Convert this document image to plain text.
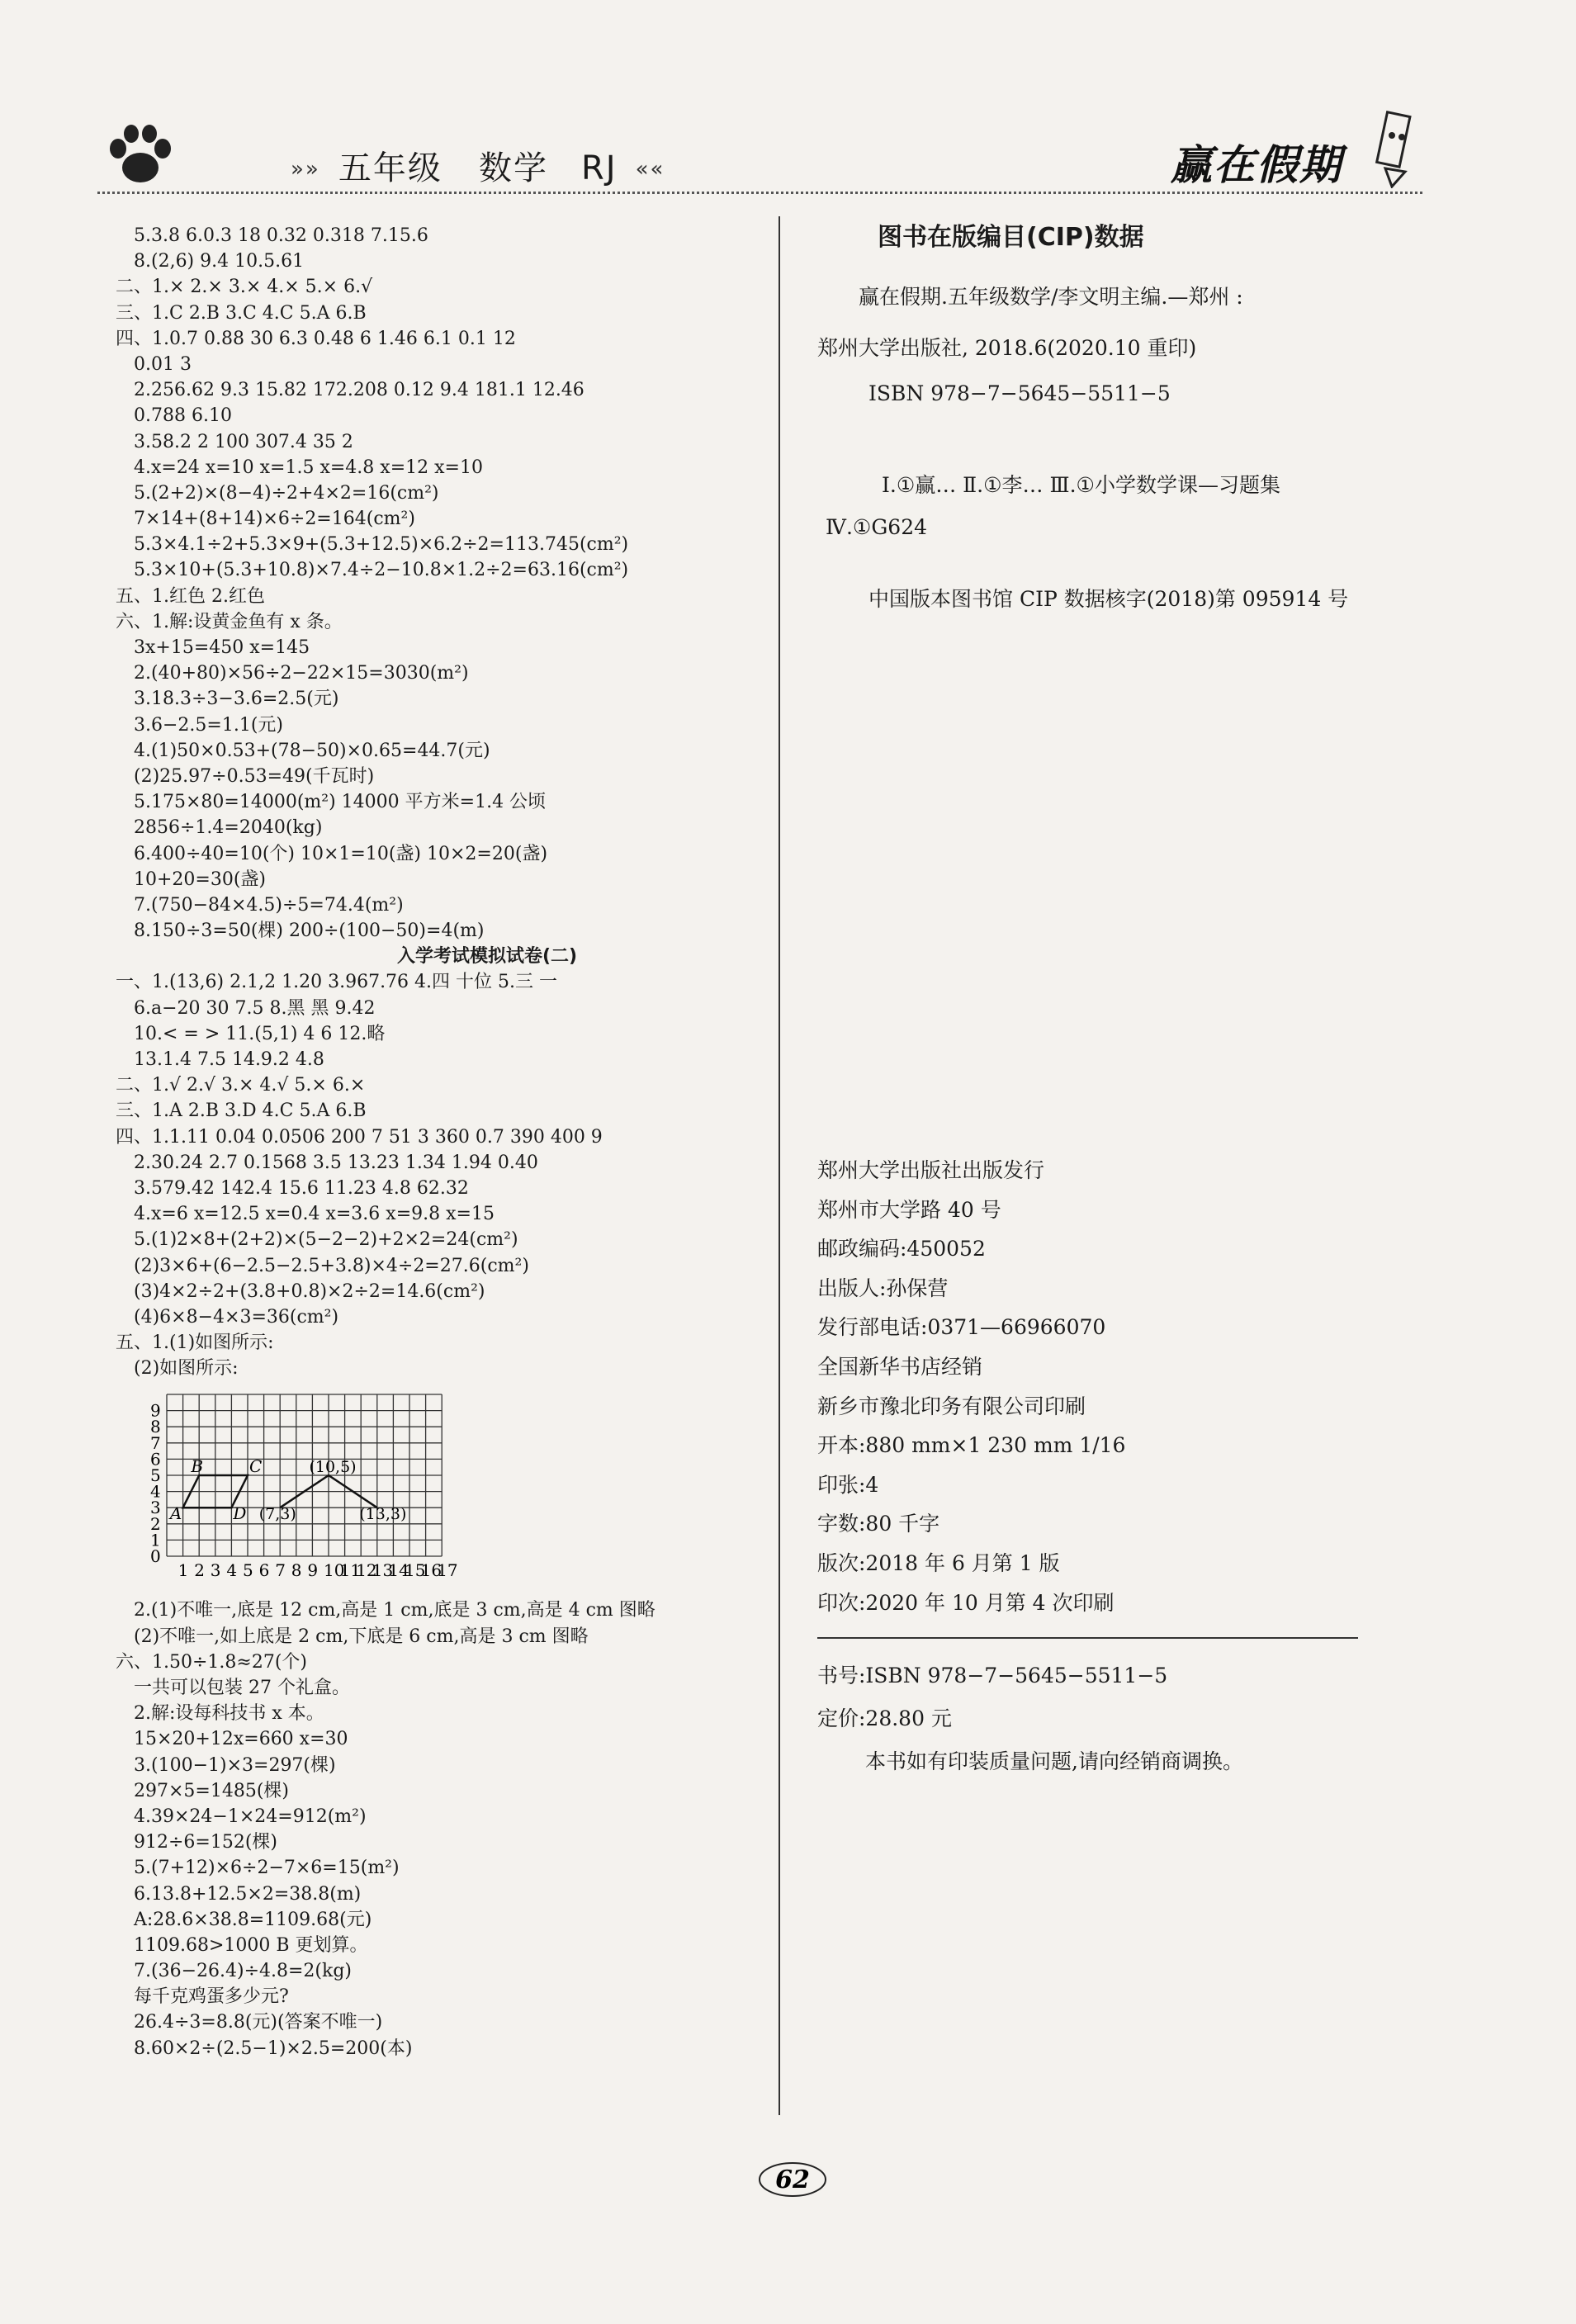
»» 五年级 数学 RJ ««	赢在假期
5.3.8 6.0.3 18 0.32 0.318 7.15.6
8.(2,6) 9.4 10.5.61
二、1.× 2.× 3.× 4.× 5.× 6.√
三、1.C 2.B 3.C 4.C 5.A 6.B
四、1.0.7 0.88 30 6.3 0.48 6 1.46 6.1 0.1 12
0.01 3
2.256.62 9.3 15.82 172.208 0.12 9.4 181.1 12.46
0.788 6.10
3.58.2 2 100 307.4 35 2
4.x=24 x=10 x=1.5 x=4.8 x=12 x=10
5.(2+2)×(8−4)÷2+4×2=16(cm²)
7×14+(8+14)×6÷2=164(cm²)
5.3×4.1÷2+5.3×9+(5.3+12.5)×6.2÷2=113.745(cm²)
5.3×10+(5.3+10.8)×7.4÷2−10.8×1.2÷2=63.16(cm²)
五、1.红色 2.红色
六、1.解:设黄金鱼有 x 条。
3x+15=450 x=145
2.(40+80)×56÷2−22×15=3030(m²)
3.18.3÷3−3.6=2.5(元)
3.6−2.5=1.1(元)
4.(1)50×0.53+(78−50)×0.65=44.7(元)
(2)25.97÷0.53=49(千瓦时)
5.175×80=14000(m²) 14000 平方米=1.4 公顷
2856÷1.4=2040(kg)
6.400÷40=10(个) 10×1=10(盏) 10×2=20(盏)
10+20=30(盏)
7.(750−84×4.5)÷5=74.4(m²)
8.150÷3=50(棵) 200÷(100−50)=4(m)
入学考试模拟试卷(二)
一、1.(13,6) 2.1,2 1.20 3.967.76 4.四 十位 5.三 一
6.a−20 30 7.5 8.黑 黑 9.42
10.< = > 11.(5,1) 4 6 12.略
13.1.4 7.5 14.9.2 4.8
二、1.√ 2.√ 3.× 4.√ 5.× 6.×
三、1.A 2.B 3.D 4.C 5.A 6.B
四、1.1.11 0.04 0.0506 200 7 51 3 360 0.7 390 400 9
2.30.24 2.7 0.1568 3.5 13.23 1.34 1.94 0.40
3.579.42 142.4 15.6 11.23 4.8 62.32
4.x=6 x=12.5 x=0.4 x=3.6 x=9.8 x=15
5.(1)2×8+(2+2)×(5−2−2)+2×2=24(cm²)
(2)3×6+(6−2.5−2.5+3.8)×4÷2=27.6(cm²)
(3)4×2÷2+(3.8+0.8)×2÷2=14.6(cm²)
(4)6×8−4×3=36(cm²)
五、1.(1)如图所示:
(2)如图所示:
9
8
7
6
5
4
3
2
1
0
1 2 3 4 5 6 7 8 9 10
11
12
13
14
15
16
17
A
B	C
D
(10,5)
(7,3)	(13,3)
2.(1)不唯一,底是 12 cm,高是 1 cm,底是 3 cm,高是 4 cm 图略
(2)不唯一,如上底是 2 cm,下底是 6 cm,高是 3 cm 图略
六、1.50÷1.8≈27(个)
一共可以包装 27 个礼盒。
2.解:设每科技书 x 本。
15×20+12x=660 x=30
3.(100−1)×3=297(棵)
297×5=1485(棵)
4.39×24−1×24=912(m²)
912÷6=152(棵)
5.(7+12)×6÷2−7×6=15(m²)
6.13.8+12.5×2=38.8(m)
A:28.6×38.8=1109.68(元)
1109.68>1000 B 更划算。
7.(36−26.4)÷4.8=2(kg)
每千克鸡蛋多少元?
26.4÷3=8.8(元)(答案不唯一)
8.60×2÷(2.5−1)×2.5=200(本)
图书在版编目(CIP)数据
赢在假期.五年级数学/李文明主编.—郑州 :
郑州大学出版社, 2018.6(2020.10 重印)
ISBN 978−7−5645−5511−5
Ⅰ.①赢… Ⅱ.①李… Ⅲ.①小学数学课—习题集
Ⅳ.①G624
中国版本图书馆 CIP 数据核字(2018)第 095914 号
郑州大学出版社出版发行
郑州市大学路 40 号
邮政编码:450052
出版人:孙保营
发行部电话:0371—66966070
全国新华书店经销
新乡市豫北印务有限公司印刷
开本:880 mm×1 230 mm 1/16
印张:4
字数:80 千字
版次:2018 年 6 月第 1 版
印次:2020 年 10 月第 4 次印刷
书号:ISBN 978−7−5645−5511−5
定价:28.80 元
本书如有印装质量问题,请向经销商调换。
62
